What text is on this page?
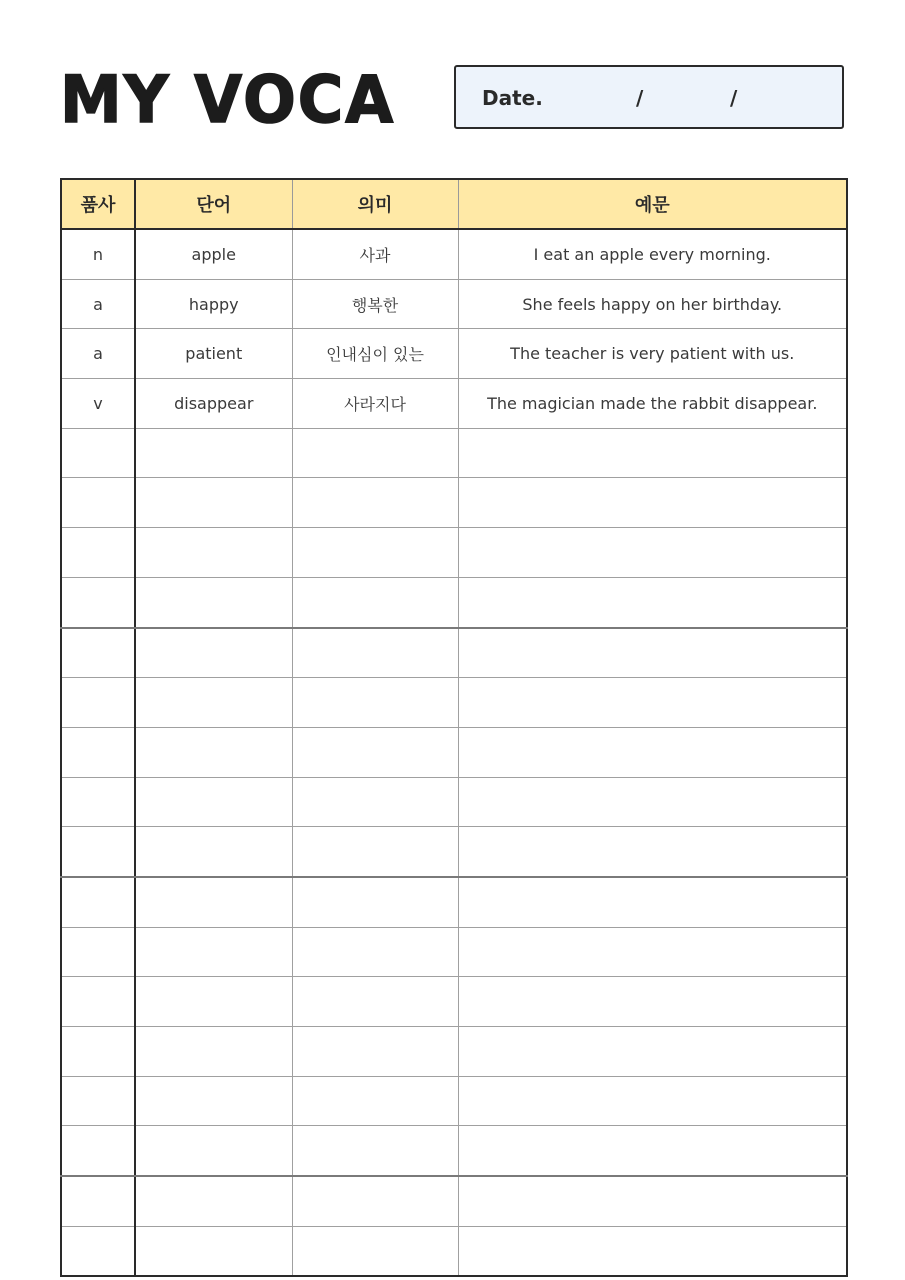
MY VOCA	Date.	/	/
품사	단어	의미	예문
n	apple	사과	I eat an apple every morning.
a	happy	행복한	She feels happy on her birthday.
a	patient	인내심이 있는	The teacher is very patient with us.
v	disappear	사라지다	The magician made the rabbit disappear.
